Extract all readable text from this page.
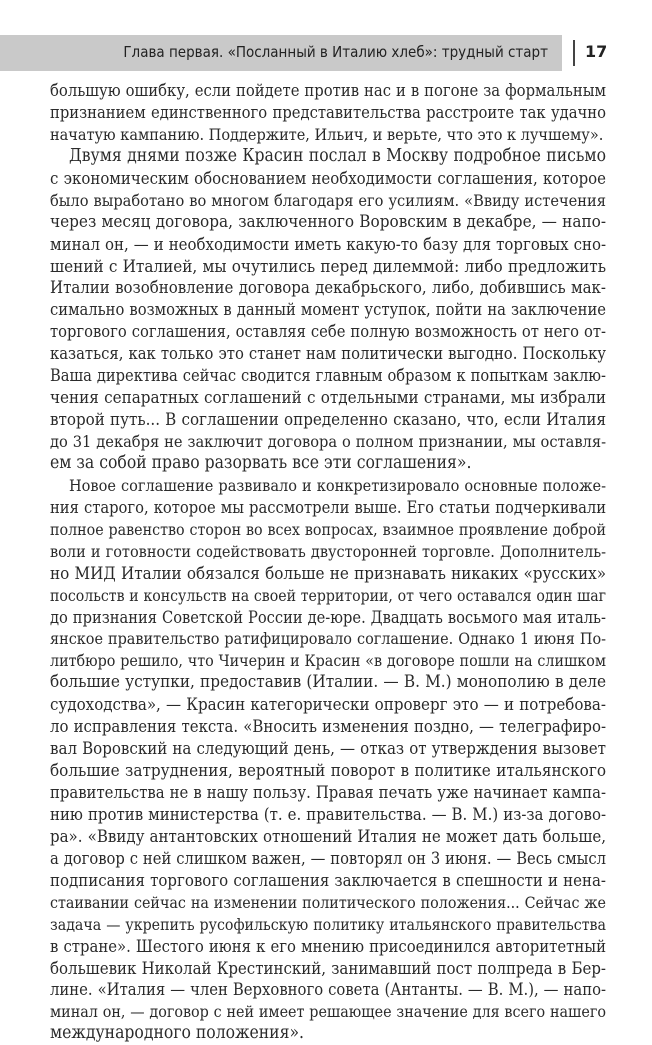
Глава первая. «Посланный в Италию хлеб»: трудный старт 17
большую ошибку, если пойдете против нас и в погоне за формальным
признанием единственного представительства расстроите так удачно
начатую кампанию. Поддержите, Ильич, и верьте, что это к лучшему».
Двумя днями позже Красин послал в Москву подробное письмо
с экономическим обоснованием необходимости соглашения, которое
было выработано во многом благодаря его усилиям. «Ввиду истечения
через месяц договора, заключенного Воровским в декабре, — напо-
минал он, — и необходимости иметь какую-то базу для торговых сно-
шений с Италией, мы очутились перед дилеммой: либо предложить
Италии возобновление договора декабрьского, либо, добившись мак-
симально возможных в данный момент уступок, пойти на заключение
торгового соглашения, оставляя себе полную возможность от него от-
казаться, как только это станет нам политически выгодно. Поскольку
Ваша директива сейчас сводится главным образом к попыткам заклю-
чения сепаратных соглашений с отдельными странами, мы избрали
второй путь... В соглашении определенно сказано, что, если Италия
до 31 декабря не заключит договора о полном признании, мы оставля-
ем за собой право разорвать все эти соглашения».
Новое соглашение развивало и конкретизировало основные положе-
ния старого, которое мы рассмотрели выше. Его статьи подчеркивали
полное равенство сторон во всех вопросах, взаимное проявление доброй
воли и готовности содействовать двусторонней торговле. Дополнитель-
но МИД Италии обязался больше не признавать никаких «русских»
посольств и консульств на своей территории, от чего оставался один шаг
до признания Советской России де-юре. Двадцать восьмого мая италь-
янское правительство ратифицировало соглашение. Однако 1 июня По-
литбюро решило, что Чичерин и Красин «в договоре пошли на слишком
большие уступки, предоставив (Италии. — В. М.) монополию в деле
судоходства», — Красин категорически опроверг это — и потребова-
ло исправления текста. «Вносить изменения поздно, — телеграфиро-
вал Воровский на следующий день, — отказ от утверждения вызовет
большие затруднения, вероятный поворот в политике итальянского
правительства не в нашу пользу. Правая печать уже начинает кампа-
нию против министерства (т. е. правительства. — В. М.) из-за догово-
ра». «Ввиду антантовских отношений Италия не может дать больше,
а договор с ней слишком важен, — повторял он 3 июня. — Весь смысл
подписания торгового соглашения заключается в спешности и нена-
стаивании сейчас на изменении политического положения... Сейчас же
задача — укрепить русофильскую политику итальянского правительства
в стране». Шестого июня к его мнению присоединился авторитетный
большевик Николай Крестинский, занимавший пост полпреда в Бер-
лине. «Италия — член Верховного совета (Антанты. — В. М.), — напо-
минал он, — договор с ней имеет решающее значение для всего нашего
международного положения».
